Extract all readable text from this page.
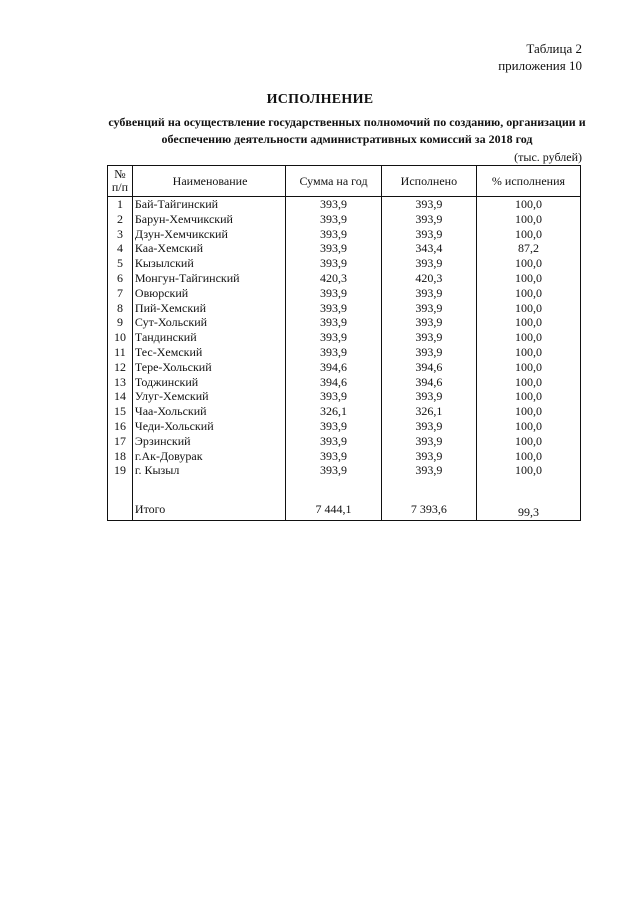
Таблица 2
приложения 10
ИСПОЛНЕНИЕ
субвенций на осуществление государственных полномочий по созданию, организации и
обеспечению деятельности административных комиссий за 2018 год
(тыс. рублей)
№ п/п	Наименование	Сумма на год	Исполнено	% исполнения
1	Бай-Тайгинский	393,9	393,9	100,0
2	Барун-Хемчикский	393,9	393,9	100,0
3	Дзун-Хемчикский	393,9	393,9	100,0
4	Каа-Хемский	393,9	343,4	87,2
5	Кызылский	393,9	393,9	100,0
6	Монгун-Тайгинский	420,3	420,3	100,0
7	Овюрский	393,9	393,9	100,0
8	Пий-Хемский	393,9	393,9	100,0
9	Сут-Хольский	393,9	393,9	100,0
10	Тандинский	393,9	393,9	100,0
11	Тес-Хемский	393,9	393,9	100,0
12	Тере-Хольский	394,6	394,6	100,0
13	Тоджинский	394,6	394,6	100,0
14	Улуг-Хемский	393,9	393,9	100,0
15	Чаа-Хольский	326,1	326,1	100,0
16	Чеди-Хольский	393,9	393,9	100,0
17	Эрзинский	393,9	393,9	100,0
18	г.Ак-Довурак	393,9	393,9	100,0
19	г. Кызыл	393,9	393,9	100,0

	Итого	7 444,1	7 393,6	99,3
